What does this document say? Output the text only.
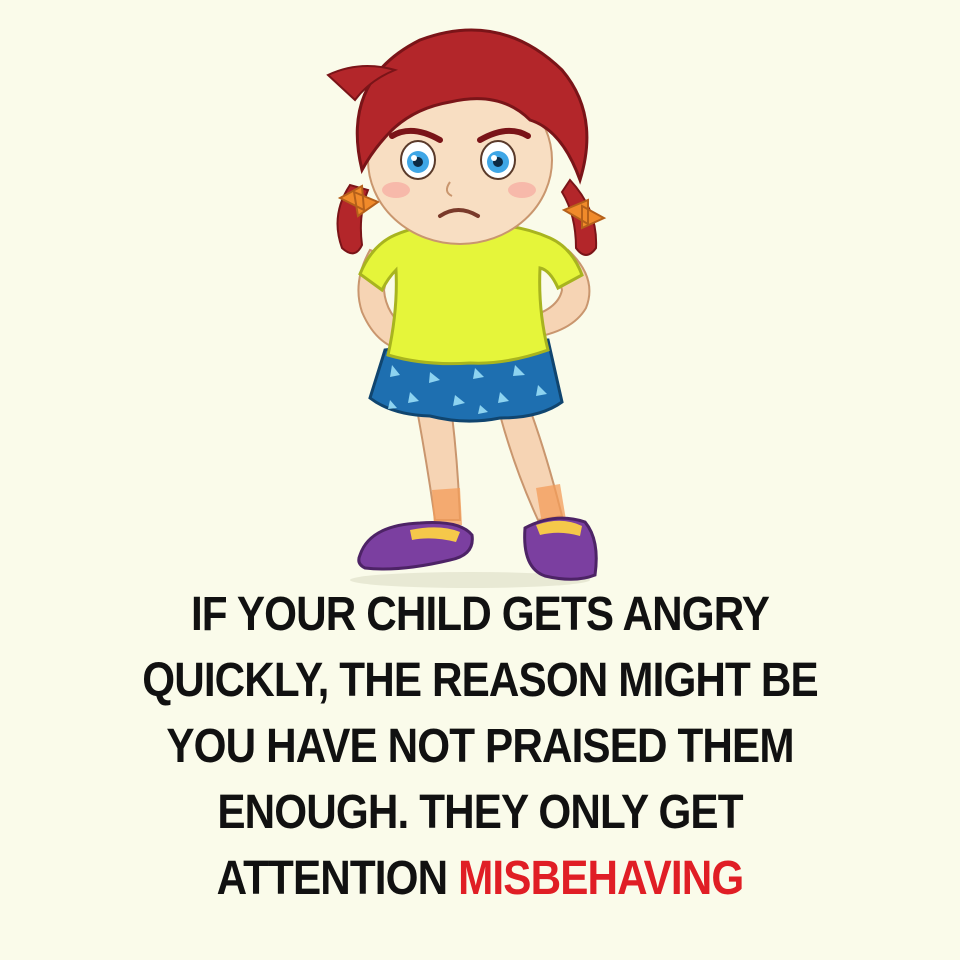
IF YOUR CHILD GETS ANGRY
QUICKLY, THE REASON MIGHT BE
YOU HAVE NOT PRAISED THEM
ENOUGH. THEY ONLY GET
ATTENTION MISBEHAVING
